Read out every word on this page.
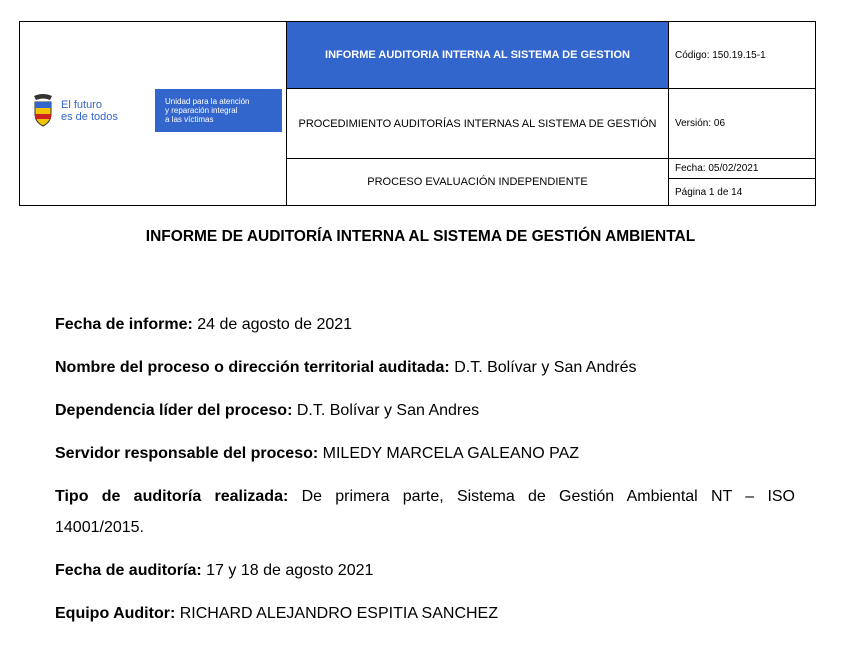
El futuro
es de todos
Unidad para la atención
y reparación integral
a las víctimas
INFORME AUDITORIA INTERNA AL SISTEMA DE GESTION
PROCEDIMIENTO AUDITORÍAS INTERNAS AL SISTEMA DE GESTIÓN
PROCESO EVALUACIÓN INDEPENDIENTE
Código: 150.19.15-1
Versión: 06
Fecha: 05/02/2021
Página 1 de 14
INFORME DE AUDITORÍA INTERNA AL SISTEMA DE GESTIÓN AMBIENTAL
Fecha de informe: 24 de agosto de 2021
Nombre del proceso o dirección territorial auditada: D.T. Bolívar y San Andrés
Dependencia líder del proceso: D.T. Bolívar y San Andres
Servidor responsable del proceso: MILEDY MARCELA GALEANO PAZ
Tipo de auditoría realizada: De primera parte, Sistema de Gestión Ambiental NT – ISO
14001/2015.
Fecha de auditoría: 17 y 18 de agosto 2021
Equipo Auditor: RICHARD ALEJANDRO ESPITIA SANCHEZ
